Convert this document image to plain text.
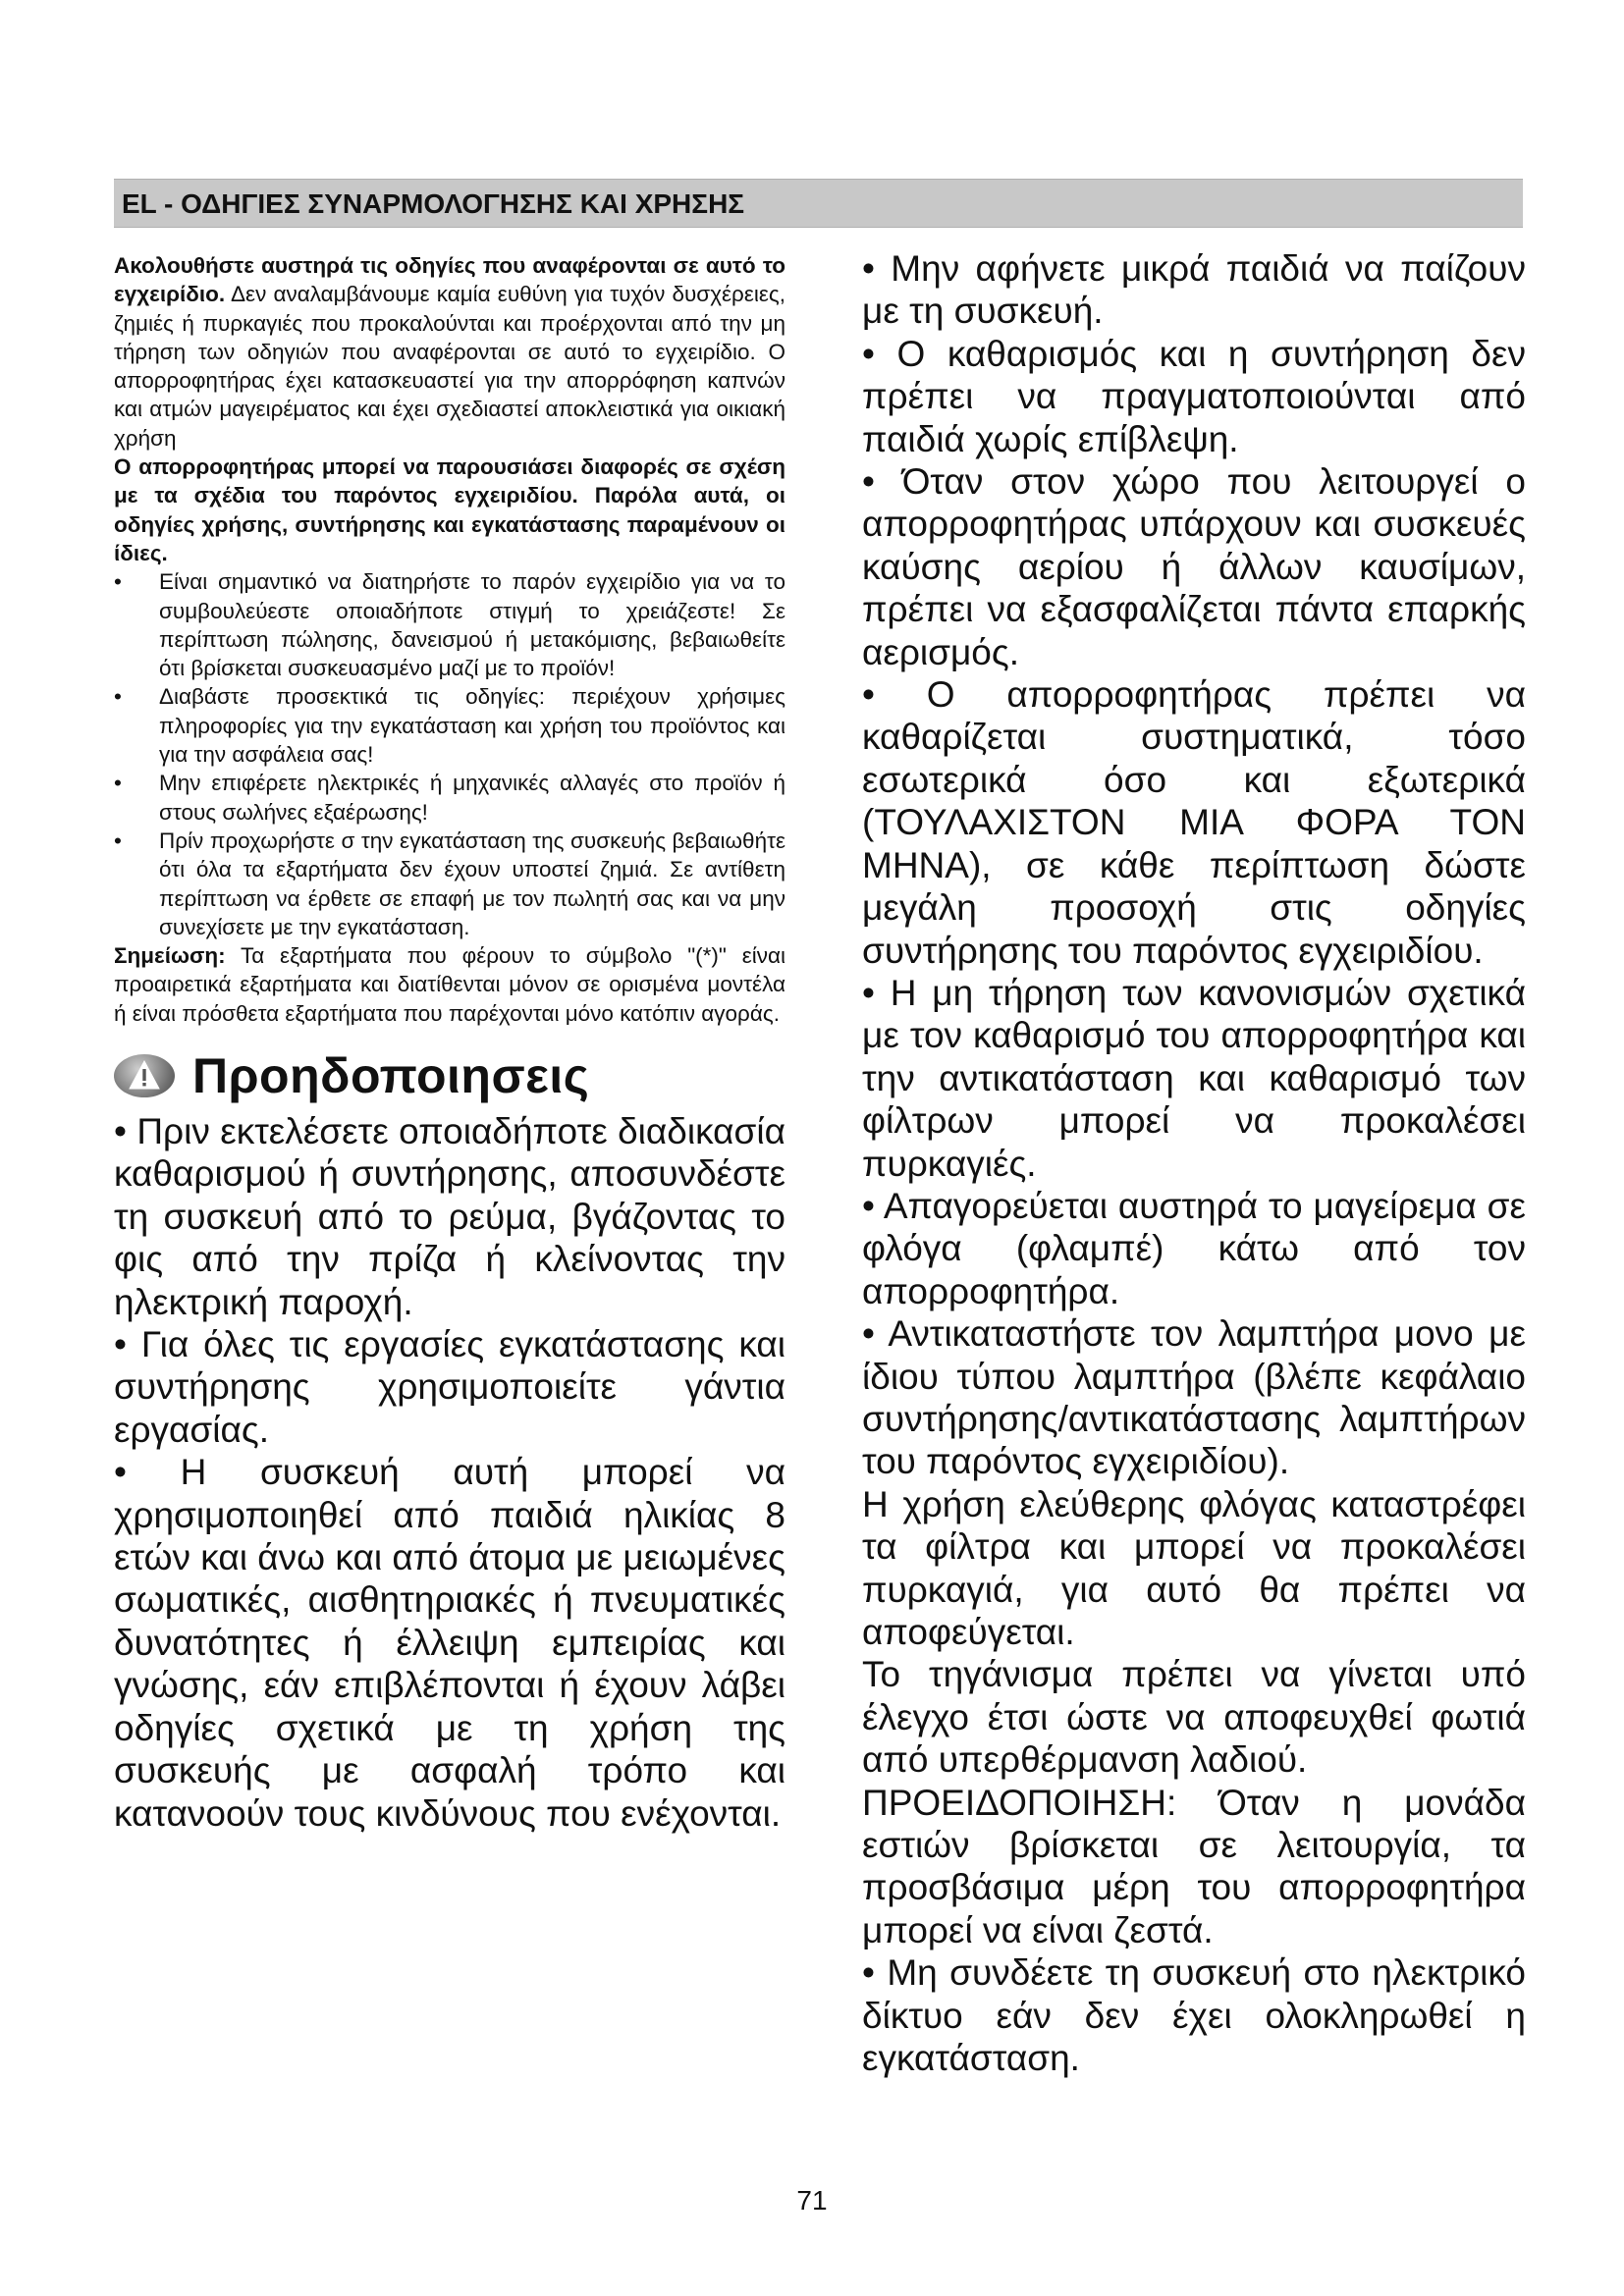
EL - ΟΔΗΓΙΕΣ ΣΥΝΑΡΜΟΛΟΓΗΣΗΣ ΚΑΙ ΧΡΗΣΗΣ

Ακολουθήστε αυστηρά τις οδηγίες που αναφέρονται σε αυτό το εγχειρίδιο. Δεν αναλαμβάνουμε καμία ευθύνη για τυχόν δυσχέρειες, ζημιές ή πυρκαγιές που προκαλούνται και προέρχονται από την μη τήρηση των οδηγιών που αναφέρονται σε αυτό το εγχειρίδιο. Ο απορροφητήρας έχει κατασκευαστεί για την απορρόφηση καπνών και ατμών μαγειρέματος και έχει σχεδιαστεί αποκλειστικά για οικιακή χρήση

Ο απορροφητήρας μπορεί να παρουσιάσει διαφορές σε σχέση με τα σχέδια του παρόντος εγχειριδίου. Παρόλα αυτά, οι οδηγίες χρήσης, συντήρησης και εγκατάστασης παραμένουν οι ίδιες.

• Είναι σημαντικό να διατηρήστε το παρόν εγχειρίδιο για να το συμβουλεύεστε οποιαδήποτε στιγμή το χρειάζεστε! Σε περίπτωση πώλησης, δανεισμού ή μετακόμισης, βεβαιωθείτε ότι βρίσκεται συσκευασμένο μαζί με το προϊόν!
• Διαβάστε προσεκτικά τις οδηγίες: περιέχουν χρήσιμες πληροφορίες για την εγκατάσταση και χρήση του προϊόντος και για την ασφάλεια σας!
• Μην επιφέρετε ηλεκτρικές ή μηχανικές αλλαγές στο προϊόν ή στους σωλήνες εξαέρωσης!
• Πρίν προχωρήστε σ την εγκατάσταση της συσκευής βεβαιωθήτε ότι όλα τα εξαρτήματα δεν έχουν υποστεί ζημιά. Σε αντίθετη περίπτωση να έρθετε σε επαφή με τον πωλητή σας και να μην συνεχίσετε με την εγκατάσταση.

Σημείωση: Τα εξαρτήματα που φέρουν το σύμβολο "(*)" είναι προαιρετικά εξαρτήματα και διατίθενται μόνον σε ορισμένα μοντέλα ή είναι πρόσθετα εξαρτήματα που παρέχονται μόνο κατόπιν αγοράς.

Προηδοποιησεις

• Πριν εκτελέσετε οποιαδήποτε διαδικασία καθαρισμού ή συντήρησης, αποσυνδέστε τη συσκευή από το ρεύμα, βγάζοντας το φις από την πρίζα ή κλείνοντας την ηλεκτρική παροχή.

• Για όλες τις εργασίες εγκατάστασης και συντήρησης χρησιμοποιείτε γάντια εργασίας.

• Η συσκευή αυτή μπορεί να χρησιμοποιηθεί από παιδιά ηλικίας 8 ετών και άνω και από άτομα με μειωμένες σωματικές, αισθητηριακές ή πνευματικές δυνατότητες ή έλλειψη εμπειρίας και γνώσης, εάν επιβλέπονται ή έχουν λάβει οδηγίες σχετικά με τη χρήση της συσκευής με ασφαλή τρόπο και κατανοούν τους κινδύνους που ενέχονται.

• Μην αφήνετε μικρά παιδιά να παίζουν με τη συσκευή.

• Ο καθαρισμός και η συντήρηση δεν πρέπει να πραγματοποιούνται από παιδιά χωρίς επίβλεψη.

• Όταν στον χώρο που λειτουργεί ο απορροφητήρας υπάρχουν και συσκευές καύσης αερίου ή άλλων καυσίμων, πρέπει να εξασφαλίζεται πάντα επαρκής αερισμός.

• Ο απορροφητήρας πρέπει να καθαρίζεται συστηματικά, τόσο εσωτερικά όσο και εξωτερικά (ΤΟΥΛΑΧΙΣΤΟΝ ΜΙΑ ΦΟΡΑ ΤΟΝ ΜΗΝΑ), σε κάθε περίπτωση δώστε μεγάλη προσοχή στις οδηγίες συντήρησης του παρόντος εγχειριδίου.

• Η μη τήρηση των κανονισμών σχετικά με τον καθαρισμό του απορροφητήρα και την αντικατάσταση και καθαρισμό των φίλτρων μπορεί να προκαλέσει πυρκαγιές.

• Απαγορεύεται αυστηρά το μαγείρεμα σε φλόγα (φλαμπέ) κάτω από τον απορροφητήρα.

• Αντικαταστήστε τον λαμπτήρα μονο με ίδιου τύπου λαμπτήρα (βλέπε κεφάλαιο συντήρησης/αντικατάστασης λαμπτήρων του παρόντος εγχειριδίου).

Η χρήση ελεύθερης φλόγας καταστρέφει τα φίλτρα και μπορεί να προκαλέσει πυρκαγιά, για αυτό θα πρέπει να αποφεύγεται.

Το τηγάνισμα πρέπει να γίνεται υπό έλεγχο έτσι ώστε να αποφευχθεί φωτιά από υπερθέρμανση λαδιού.

ΠΡΟΕΙΔΟΠΟΙΗΣΗ: Όταν η μονάδα εστιών βρίσκεται σε λειτουργία, τα προσβάσιμα μέρη του απορροφητήρα μπορεί να είναι ζεστά.

• Μη συνδέετε τη συσκευή στο ηλεκτρικό δίκτυο εάν δεν έχει ολοκληρωθεί η εγκατάσταση.

71
